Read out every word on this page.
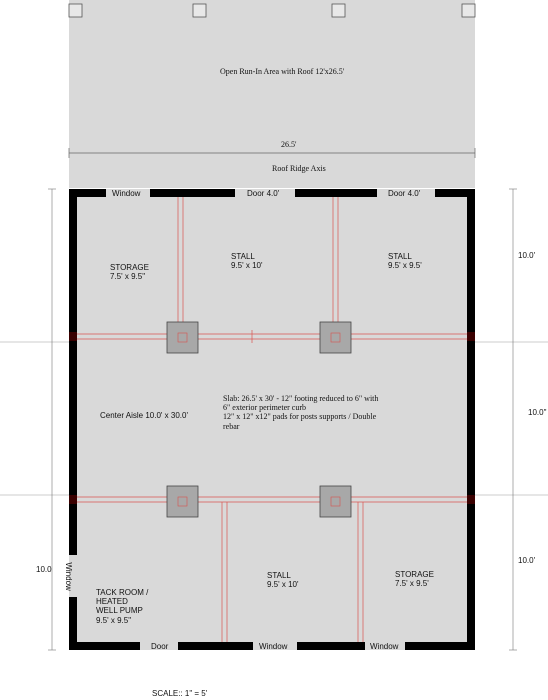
Open Run-In Area with Roof 12'x26.5'
26.5'
Roof Ridge Axis
Window	Door 4.0'	Door 4.0'
Window
Door	Window	Window
STORAGE
7.5' x 9.5"
STALL
9.5' x 10'
STALL
9.5' x 9.5'
Center Aisle 10.0' x 30.0'
Slab: 26.5' x 30' - 12" footing reduced to 6" with
6" exterior perimeter curb
12" x 12" x12" pads for posts supports / Double
rebar
TACK ROOM /
HEATED
WELL PUMP
9.5' x 9.5"
STALL
9.5' x 10'
STORAGE
7.5' x 9.5'
10.0'
10.0"
10.0'
10.0
SCALE:: 1" = 5'
